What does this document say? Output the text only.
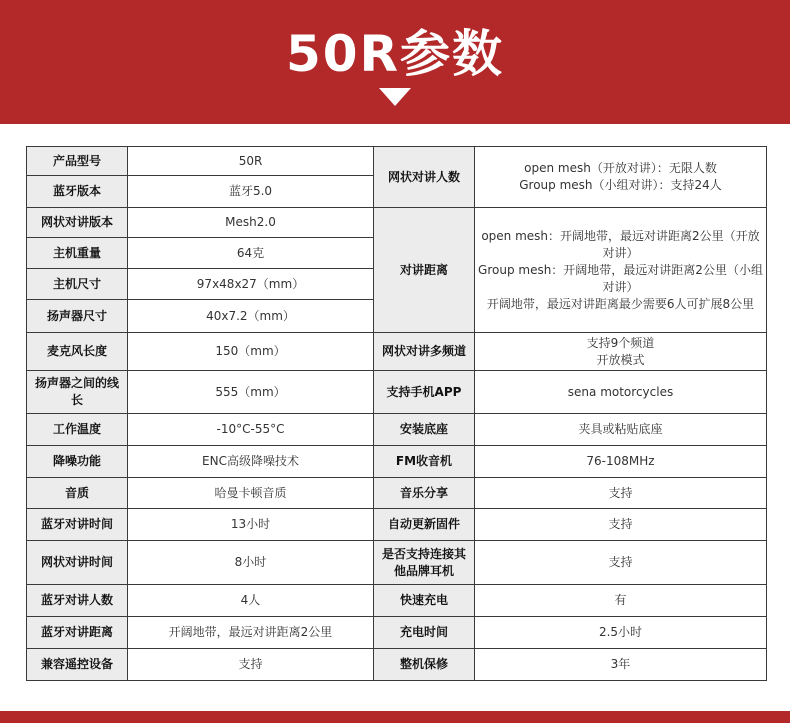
50R参数
产品型号	50R	网状对讲人数	open mesh（开放对讲）：无限人数
Group mesh（小组对讲）：支持24人

蓝牙版本	蓝牙5.0		
网状对讲版本	Mesh2.0	对讲距离	open mesh：开阔地带，最远对讲距离2公里（开放对讲）
Group mesh：开阔地带，最远对讲距离2公里（小组对讲）
开阔地带，最远对讲距离最少需要6人可扩展8公里

主机重量	64克		
主机尺寸	97x48x27（mm）		
扬声器尺寸	40x7.2（mm）		
麦克风长度	150（mm）	网状对讲多频道	支持9个频道
开放模式

扬声器之间的线长	555（mm）	支持手机APP	sena motorcycles
工作温度	-10°C-55°C	安装底座	夹具或粘贴底座
降噪功能	ENC高级降噪技术	FM收音机	76-108MHz
音质	哈曼卡顿音质	音乐分享	支持
蓝牙对讲时间	13小时	自动更新固件	支持
网状对讲时间	8小时	是否支持连接其他品牌耳机	支持
蓝牙对讲人数	4人	快速充电	有
蓝牙对讲距离	开阔地带，最远对讲距离2公里	充电时间	2.5小时
兼容遥控设备	支持	整机保修	3年
